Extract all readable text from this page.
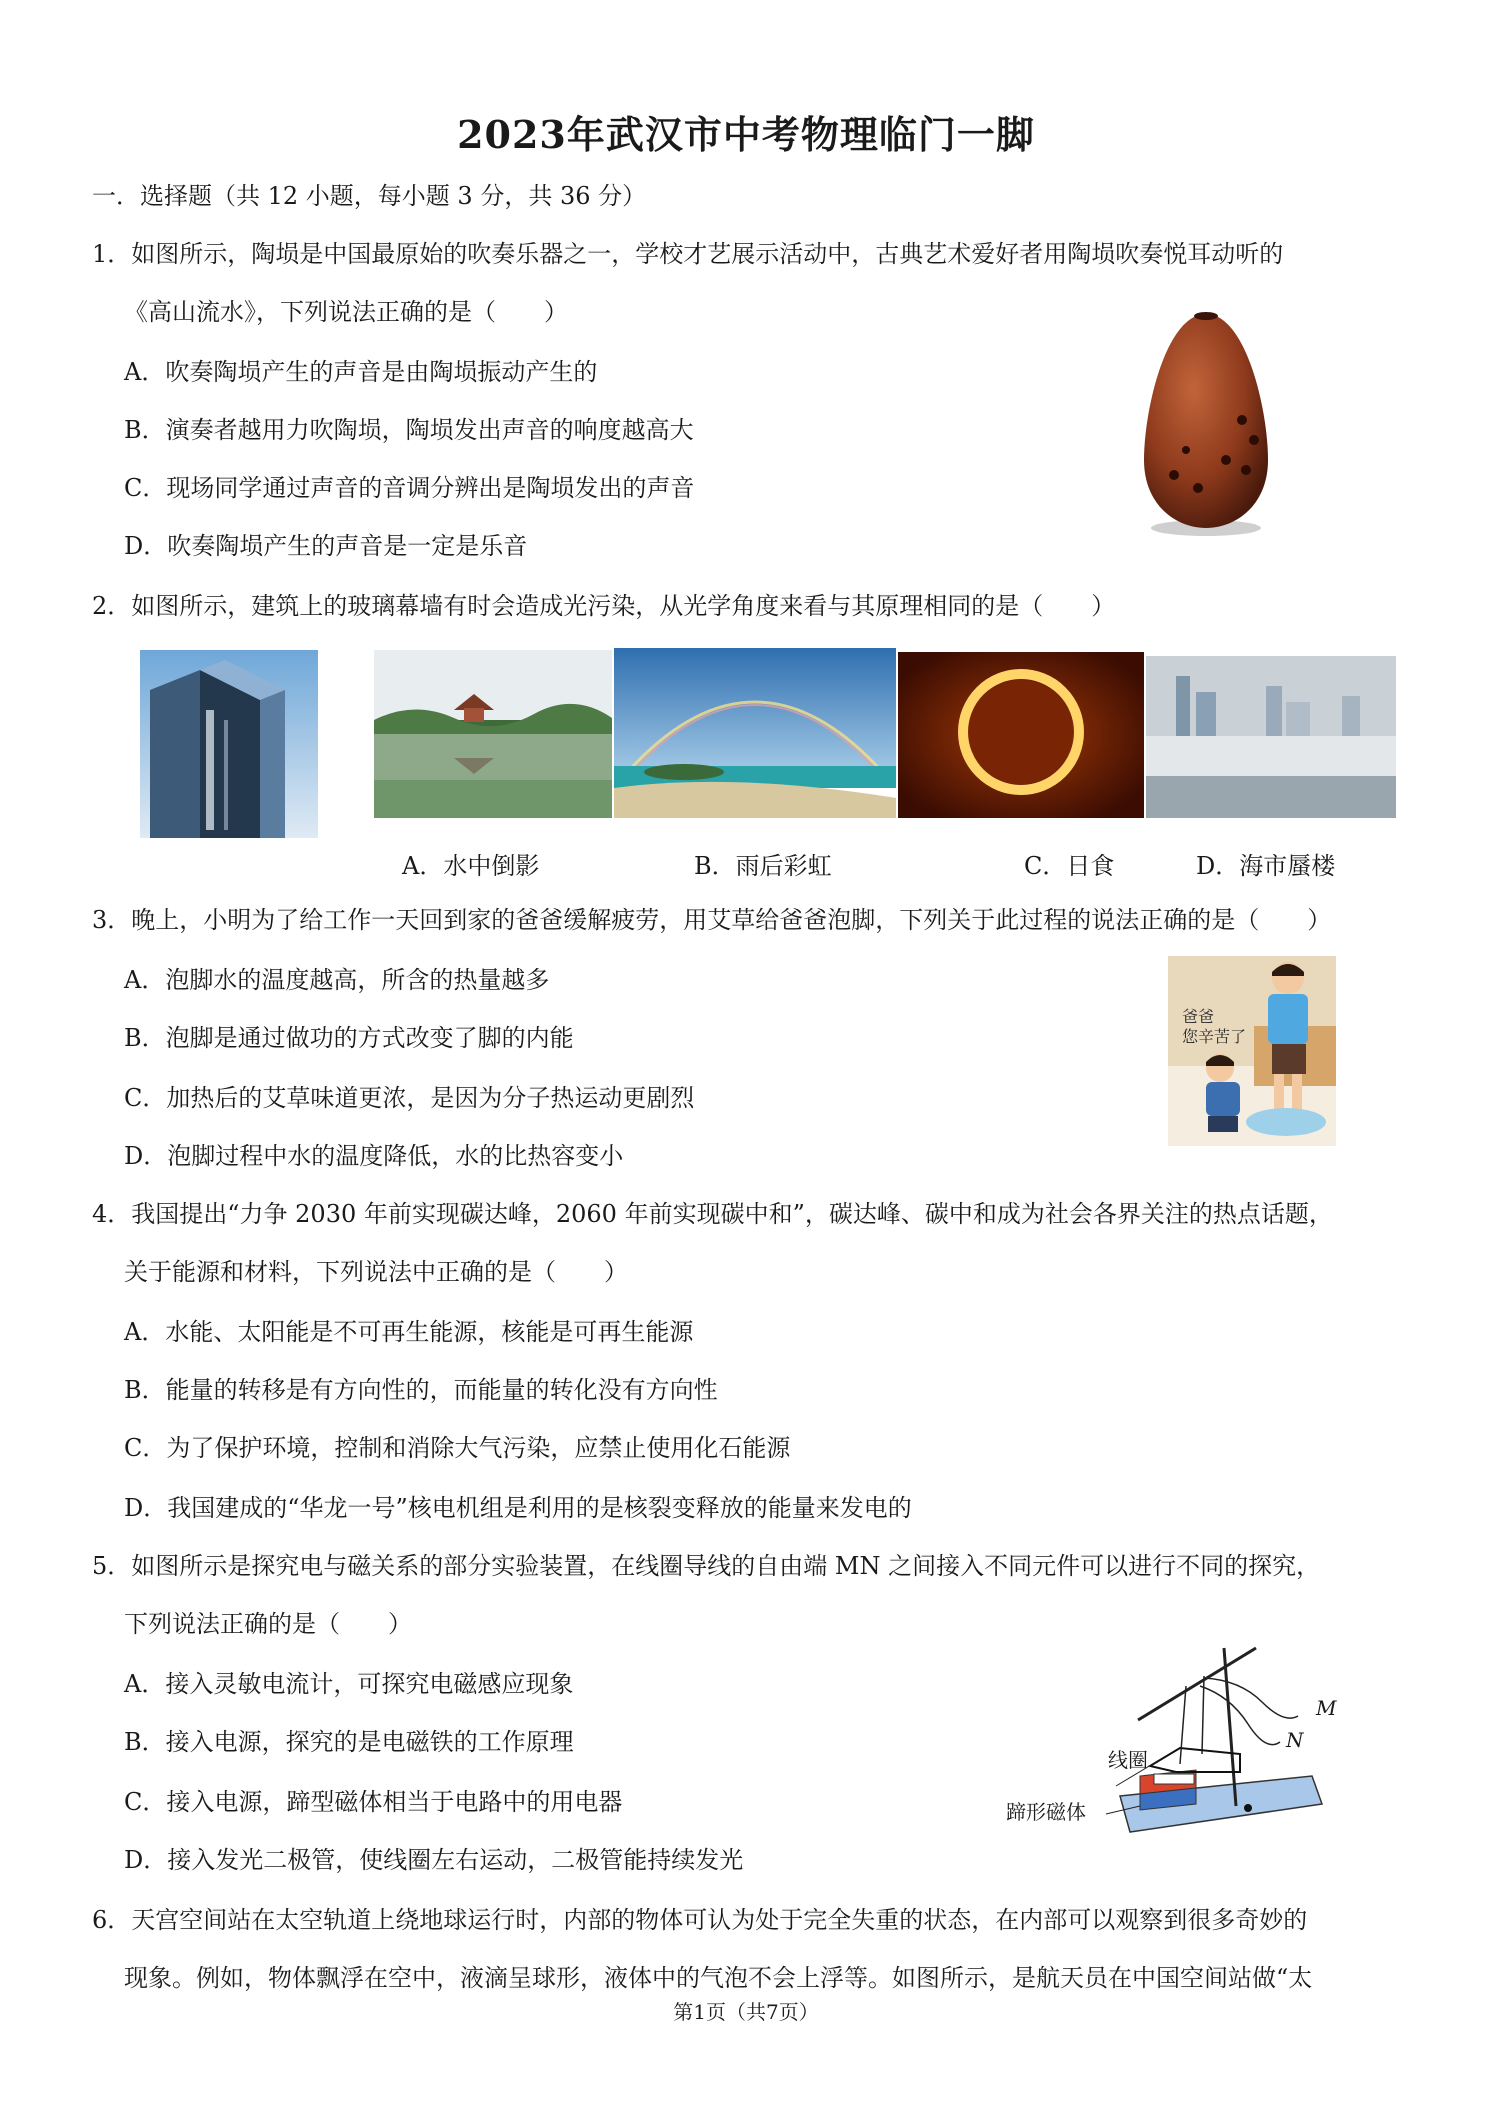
2023年武汉市中考物理临门一脚
一．选择题（共 12 小题，每小题 3 分，共 36 分）
1．如图所示，陶埙是中国最原始的吹奏乐器之一，学校才艺展示活动中，古典艺术爱好者用陶埙吹奏悦耳动听的
《高山流水》，下列说法正确的是（　　）
A．吹奏陶埙产生的声音是由陶埙振动产生的
B．演奏者越用力吹陶埙，陶埙发出声音的响度越高大
C．现场同学通过声音的音调分辨出是陶埙发出的声音
D．吹奏陶埙产生的声音是一定是乐音
2．如图所示，建筑上的玻璃幕墙有时会造成光污染，从光学角度来看与其原理相同的是（　　）
A．水中倒影	B．雨后彩虹	C．日食	D．海市蜃楼
3．晚上，小明为了给工作一天回到家的爸爸缓解疲劳，用艾草给爸爸泡脚，下列关于此过程的说法正确的是（　　）
A．泡脚水的温度越高，所含的热量越多
B．泡脚是通过做功的方式改变了脚的内能
C．加热后的艾草味道更浓，是因为分子热运动更剧烈
D．泡脚过程中水的温度降低，水的比热容变小
爸爸
您辛苦了
4．我国提出“力争 2030 年前实现碳达峰，2060 年前实现碳中和”，碳达峰、碳中和成为社会各界关注的热点话题，
关于能源和材料，下列说法中正确的是（　　）
A．水能、太阳能是不可再生能源，核能是可再生能源
B．能量的转移是有方向性的，而能量的转化没有方向性
C．为了保护环境，控制和消除大气污染，应禁止使用化石能源
D．我国建成的“华龙一号”核电机组是利用的是核裂变释放的能量来发电的
5．如图所示是探究电与磁关系的部分实验装置，在线圈导线的自由端 MN 之间接入不同元件可以进行不同的探究，
下列说法正确的是（　　）
A．接入灵敏电流计，可探究电磁感应现象
B．接入电源，探究的是电磁铁的工作原理
C．接入电源，蹄型磁体相当于电路中的用电器
D．接入发光二极管，使线圈左右运动，二极管能持续发光
M
N
线圈
蹄形磁体
6．天宫空间站在太空轨道上绕地球运行时，内部的物体可认为处于完全失重的状态，在内部可以观察到很多奇妙的
现象。例如，物体飘浮在空中，液滴呈球形，液体中的气泡不会上浮等。如图所示，是航天员在中国空间站做“太
第1页（共7页）
